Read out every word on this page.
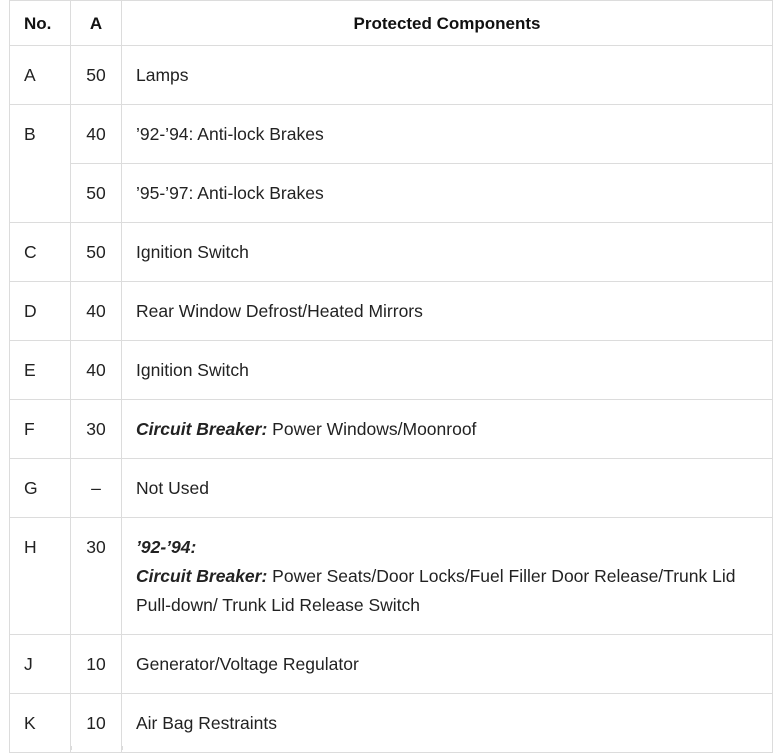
No.	A	Protected Components
A	50	Lamps

B	40	’92-’94: Anti-lock Brakes

	50	’95-’97: Anti-lock Brakes

C	50	Ignition Switch

D	40	Rear Window Defrost/Heated Mirrors

E	40	Ignition Switch

F	30	Circuit Breaker: Power Windows/Moonroof

G	–	Not Used

H	30	’92-’94:
Circuit Breaker: Power Seats/Door Locks/Fuel Filler Door Release/Trunk Lid Pull-down/ Trunk Lid Release Switch

J	10	Generator/Voltage Regulator

K	10	Air Bag Restraints
